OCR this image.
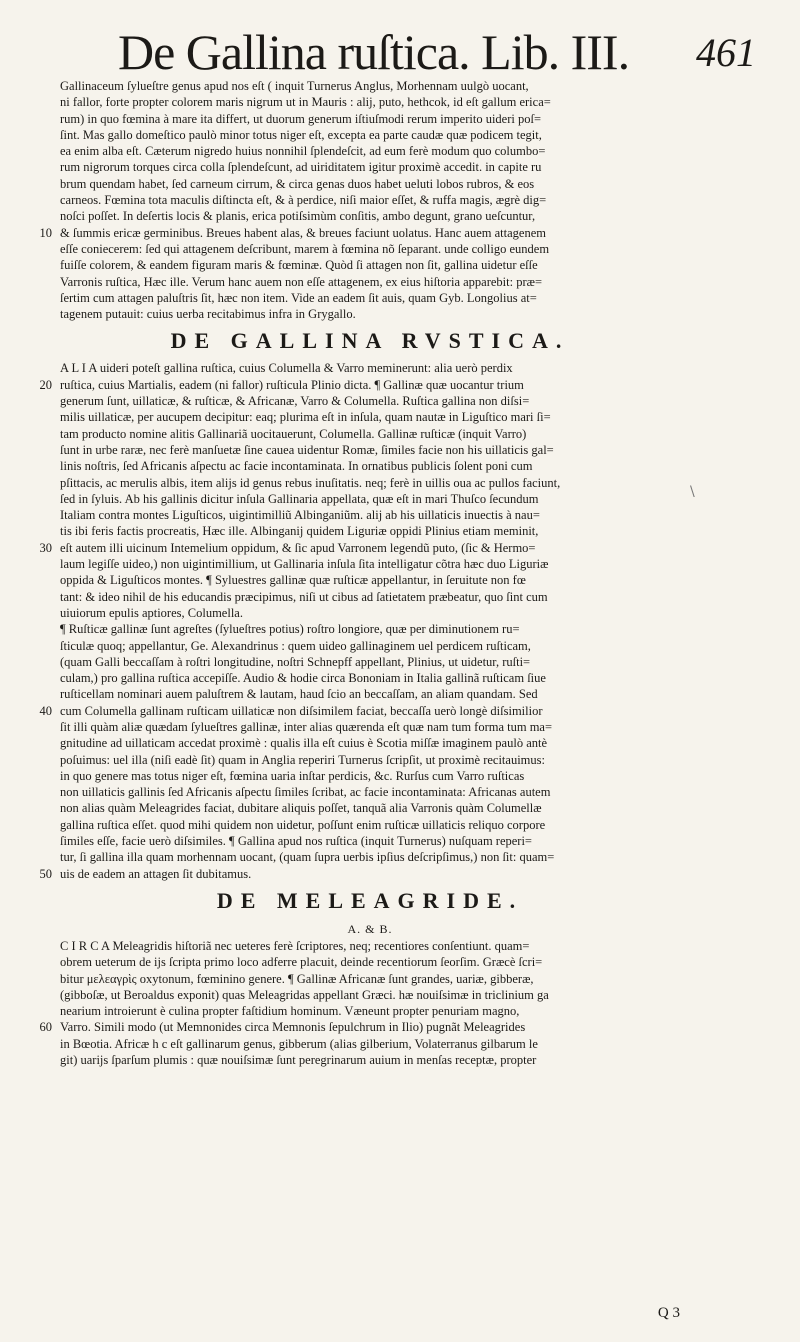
De Gallina ruſtica. Lib. III. 461
Gallinaceum ſylueſtre genus apud nos eſt ( inquit Turnerus Anglus, Morhennam uulgò uocant,
ni fallor, forte propter colorem maris nigrum ut in Mauris : alij, puto, hethcok, id eſt gallum erica=
rum) in quo fœmina à mare ita differt, ut duorum generum iſtiuſmodi rerum imperito uideri poſ=
ſint. Mas gallo domeſtico paulò minor totus niger eſt, excepta ea parte caudæ quæ podicem tegit,
ea enim alba eſt. Cæterum nigredo huius nonnihil ſplendeſcit, ad eum ferè modum quo columbo=
rum nigrorum torques circa colla ſplendeſcunt, ad uiriditatem igitur proximè accedit. in capite ru
brum quendam habet, ſed carneum cirrum, & circa genas duos habet ueluti lobos rubros, & eos
carneos. Fœmina tota maculis diſtincta eſt, & à perdice, niſi maior eſſet, & ruffa magis, ægrè dig=
noſci poſſet. In deſertis locis & planis, erica potiſsimùm conſitis, ambo degunt, grano ueſcuntur,
& ſummis ericæ germinibus. Breues habent alas, & breues faciunt uolatus. Hanc auem attagenem
10
eſſe coniecerem: ſed qui attagenem deſcribunt, marem à fœmina nõ ſeparant. unde colligo eundem
fuiſſe colorem, & eandem figuram maris & fœminæ. Quòd ſi attagen non ſit, gallina uidetur eſſe
Varronis ruſtica, Hæc ille. Verum hanc auem non eſſe attagenem, ex eius hiſtoria apparebit: præ=
ſertim cum attagen paluſtris ſit, hæc non item. Vide an eadem ſit auis, quam Gyb. Longolius at=
tagenem putauit: cuius uerba recitabimus infra in Grygallo.
DE GALLINA RVSTICA.
A L I A uideri poteſt gallina ruſtica, cuius Columella & Varro meminerunt: alia uerò perdix
ruſtica, cuius Martialis, eadem (ni fallor) ruſticula Plinio dicta. ¶ Gallinæ quæ uocantur trium
20
generum ſunt, uillaticæ, & ruſticæ, & Africanæ, Varro & Columella. Ruſtica gallina non diſsi=
milis uillaticæ, per aucupem decipitur: eaq; plurima eſt in inſula, quam nautæ in Liguſtico mari ſi=
tam producto nomine alitis Gallinariã uocitauerunt, Columella. Gallinæ ruſticæ (inquit Varro)
ſunt in urbe raræ, nec ferè manſuetæ ſine cauea uidentur Romæ, ſimiles facie non his uillaticis gal=
linis noſtris, ſed Africanis aſpectu ac facie incontaminata. In ornatibus publicis ſolent poni cum
pſittacis, ac merulis albis, item alijs id genus rebus inuſitatis. neq; ferè in uillis oua ac pullos faciunt,
ſed in ſyluis. Ab his gallinis dicitur inſula Gallinaria appellata, quæ eſt in mari Thuſco ſecundum
Italiam contra montes Liguſticos, uigintimilliũ Albinganiũm. alij ab his uillaticis inuectis à nau=
tis ibi feris factis procreatis, Hæc ille. Albinganij quidem Liguriæ oppidi Plinius etiam meminit,
eſt autem illi uicinum Intemelium oppidum, & ſic apud Varronem legendũ puto, (ſic & Hermo=
30
laum legiſſe uideo,) non uigintimillium, ut Gallinaria inſula ſita intelligatur cõtra hæc duo Liguriæ
oppida & Liguſticos montes. ¶ Syluestres gallinæ quæ ruſticæ appellantur, in ſeruitute non fœ
tant: & ideo nihil de his educandis præcipimus, niſi ut cibus ad ſatietatem præbeatur, quo ſint cum
uiuiorum epulis aptiores, Columella.
¶ Ruſticæ gallinæ ſunt agreſtes (ſylueſtres potius) roſtro longiore, quæ per diminutionem ru=
ſticulæ quoq; appellantur, Ge. Alexandrinus : quem uideo gallinaginem uel perdicem ruſticam,
(quam Galli beccaſſam à roſtri longitudine, noſtri Schnepff appellant, Plinius, ut uidetur, ruſti=
culam,) pro gallina ruſtica accepiſſe. Audio & hodie circa Bononiam in Italia gallinã ruſticam ſiue
ruſticellam nominari auem paluſtrem & lautam, haud ſcio an beccaſſam, an aliam quandam. Sed
cum Columella gallinam ruſticam uillaticæ non diſsimilem faciat, beccaſſa uerò longè diſsimilior
40
ſit illi quàm aliæ quædam ſylueſtres gallinæ, inter alias quærenda eſt quæ nam tum forma tum ma=
gnitudine ad uillaticam accedat proximè : qualis illa eſt cuius è Scotia miſſæ imaginem paulò antè
poſuimus: uel illa (niſi eadè ſit) quam in Anglia reperiri Turnerus ſcripſit, ut proximè recitauimus:
in quo genere mas totus niger eſt, fœmina uaria inſtar perdicis, &c. Rurſus cum Varro ruſticas
non uillaticis gallinis ſed Africanis aſpectu ſimiles ſcribat, ac facie incontaminata: Africanas autem
non alias quàm Meleagrides faciat, dubitare aliquis poſſet, tanquã alia Varronis quàm Columellæ
gallina ruſtica eſſet. quod mihi quidem non uidetur, poſſunt enim ruſticæ uillaticis reliquo corpore
ſimiles eſſe, facie uerò diſsimiles. ¶ Gallina apud nos ruſtica (inquit Turnerus) nuſquam reperi=
tur, ſi gallina illa quam morhennam uocant, (quam ſupra uerbis ipſius deſcripſimus,) non ſit: quam=
uis de eadem an attagen ſit dubitamus.
50
DE MELEAGRIDE.
A. & B.
C I R C A Meleagridis hiſtoriã nec ueteres ferè ſcriptores, neq; recentiores conſentiunt. quam=
obrem ueterum de ijs ſcripta primo loco adferre placuit, deinde recentiorum ſeorſim. Græcè ſcri=
bitur μελεαγρὶς oxytonum, fœminino genere. ¶ Gallinæ Africanæ ſunt grandes, uariæ, gibberæ,
(gibboſæ, ut Beroaldus exponit) quas Meleagridas appellant Græci. hæ nouiſsimæ in triclinium ga
nearium introierunt è culina propter faſtidium hominum. Væneunt propter penuriam magno,
Varro. Simili modo (ut Memnonides circa Memnonis ſepulchrum in Ilio) pugnãt Meleagrides
60
in Bœotia. Africæ h c eſt gallinarum genus, gibberum (alias gilberium, Volaterranus gilbarum le
git) uarijs ſparſum plumis : quæ nouiſsimæ ſunt peregrinarum auium in menſas receptæ, propter
\
Q 3
